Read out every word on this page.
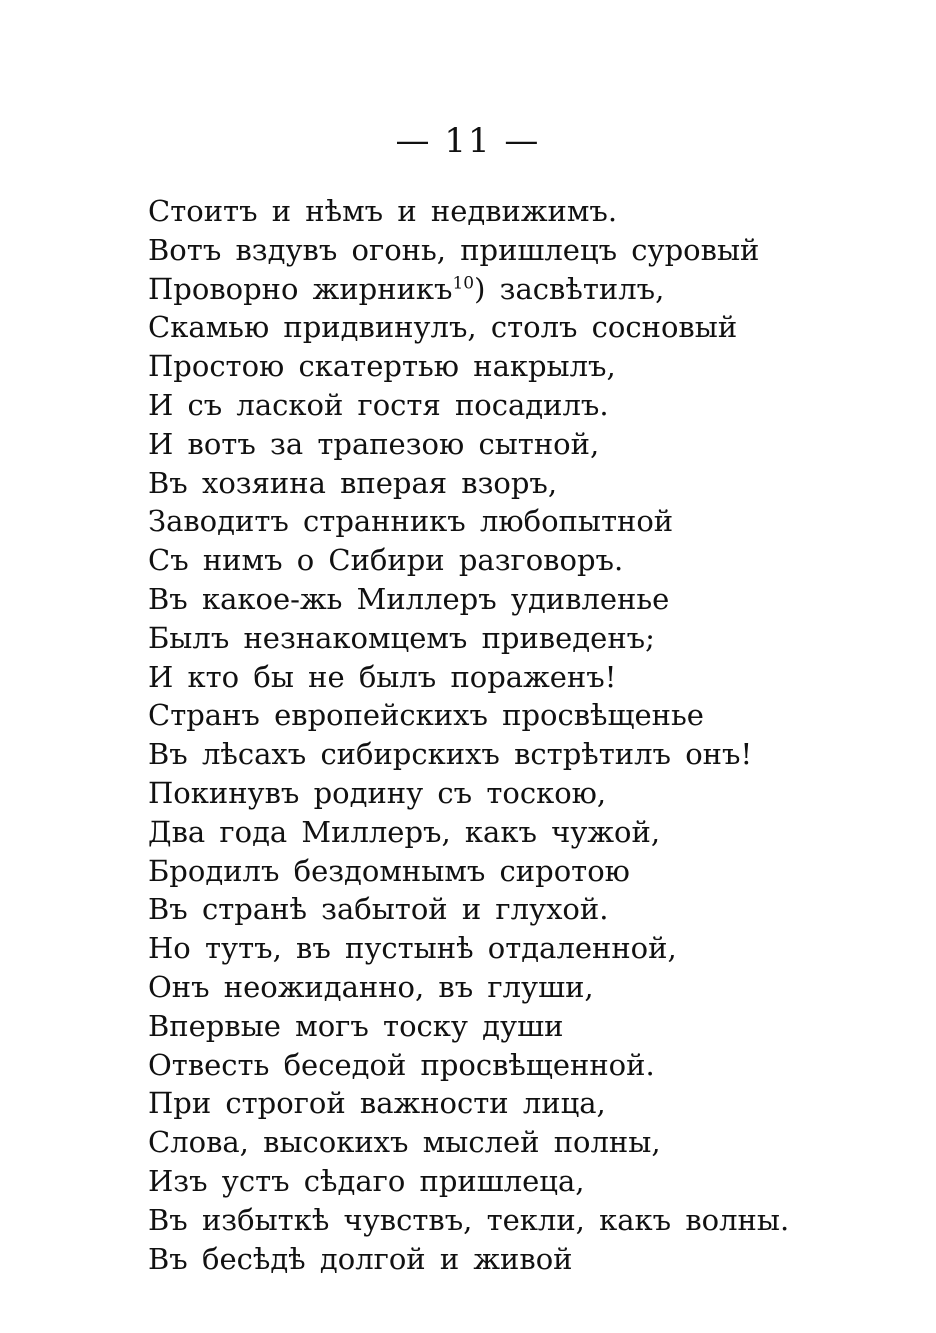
— 11 —
Стоитъ и нѣмъ и недвижимъ.
Вотъ вздувъ огонь, пришлецъ суровый
Проворно жирникъ$^{10}$) засвѣтилъ,
Скамью придвинулъ, столъ сосновый
Простою скатертью накрылъ,
И съ лаской гостя посадилъ.
И вотъ за трапезою сытной,
Въ хозяина вперая взоръ,
Заводитъ странникъ любопытной
Съ нимъ о Сибири разговоръ.
Въ какое-жь Миллеръ удивленье
Былъ незнакомцемъ приведенъ;
И кто бы не былъ пораженъ!
Странъ европейскихъ просвѣщенье
Въ лѣсахъ сибирскихъ встрѣтилъ онъ!
Покинувъ родину съ тоскою,
Два года Миллеръ, какъ чужой,
Бродилъ бездомнымъ сиротою
Въ странѣ забытой и глухой.
Но тутъ, въ пустынѣ отдаленной,
Онъ неожиданно, въ глуши,
Впервые могъ тоску души
Отвесть беседой просвѣщенной.
При строгой важности лица,
Слова, высокихъ мыслей полны,
Изъ устъ сѣдаго пришлеца,
Въ избыткѣ чувствъ, текли, какъ волны.
Въ бесѣдѣ долгой и живой
